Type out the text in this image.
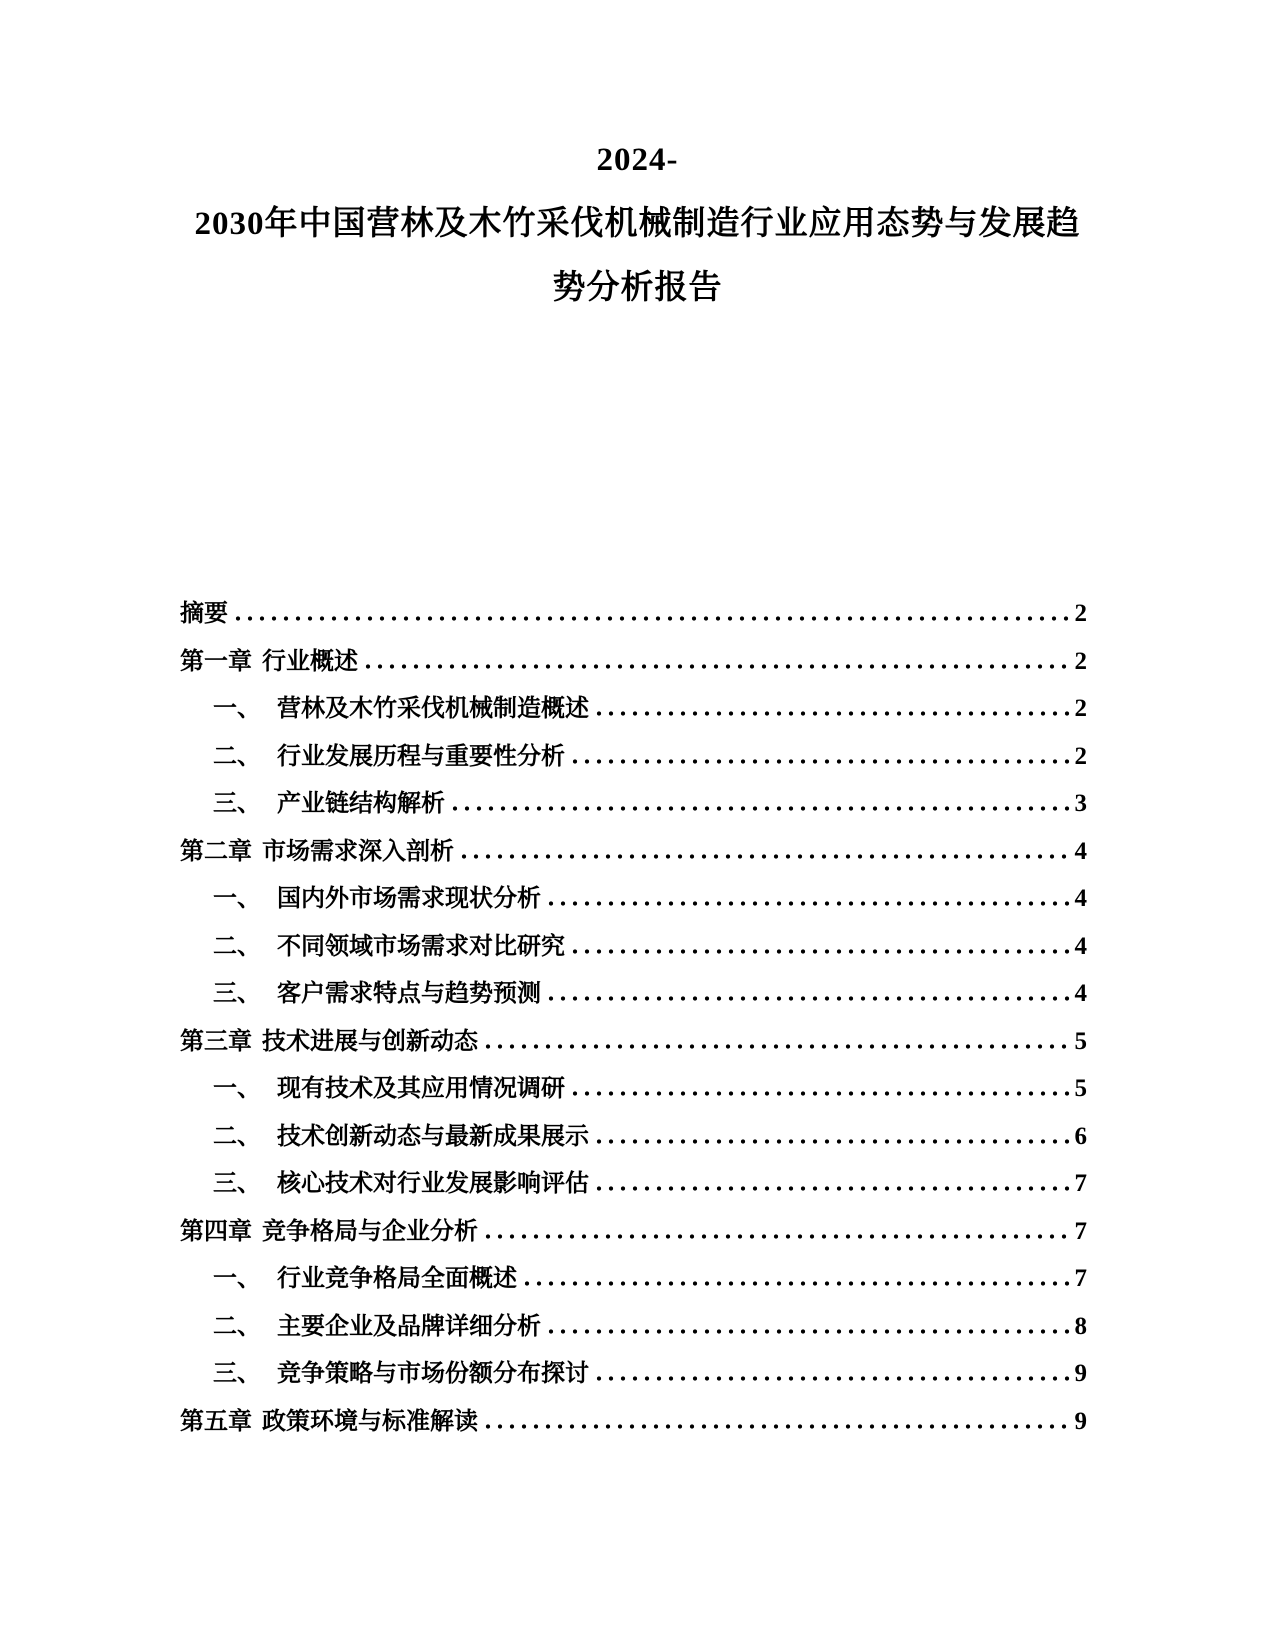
2024-
2030年中国营林及木竹采伐机械制造行业应用态势与发展趋
势分析报告
摘要	2
第一章 行业概述	2
一、 营林及木竹采伐机械制造概述	2
二、 行业发展历程与重要性分析	2
三、 产业链结构解析	3
第二章 市场需求深入剖析	4
一、 国内外市场需求现状分析	4
二、 不同领域市场需求对比研究	4
三、 客户需求特点与趋势预测	4
第三章 技术进展与创新动态	5
一、 现有技术及其应用情况调研	5
二、 技术创新动态与最新成果展示	6
三、 核心技术对行业发展影响评估	7
第四章 竞争格局与企业分析	7
一、 行业竞争格局全面概述	7
二、 主要企业及品牌详细分析	8
三、 竞争策略与市场份额分布探讨	9
第五章 政策环境与标准解读	9
